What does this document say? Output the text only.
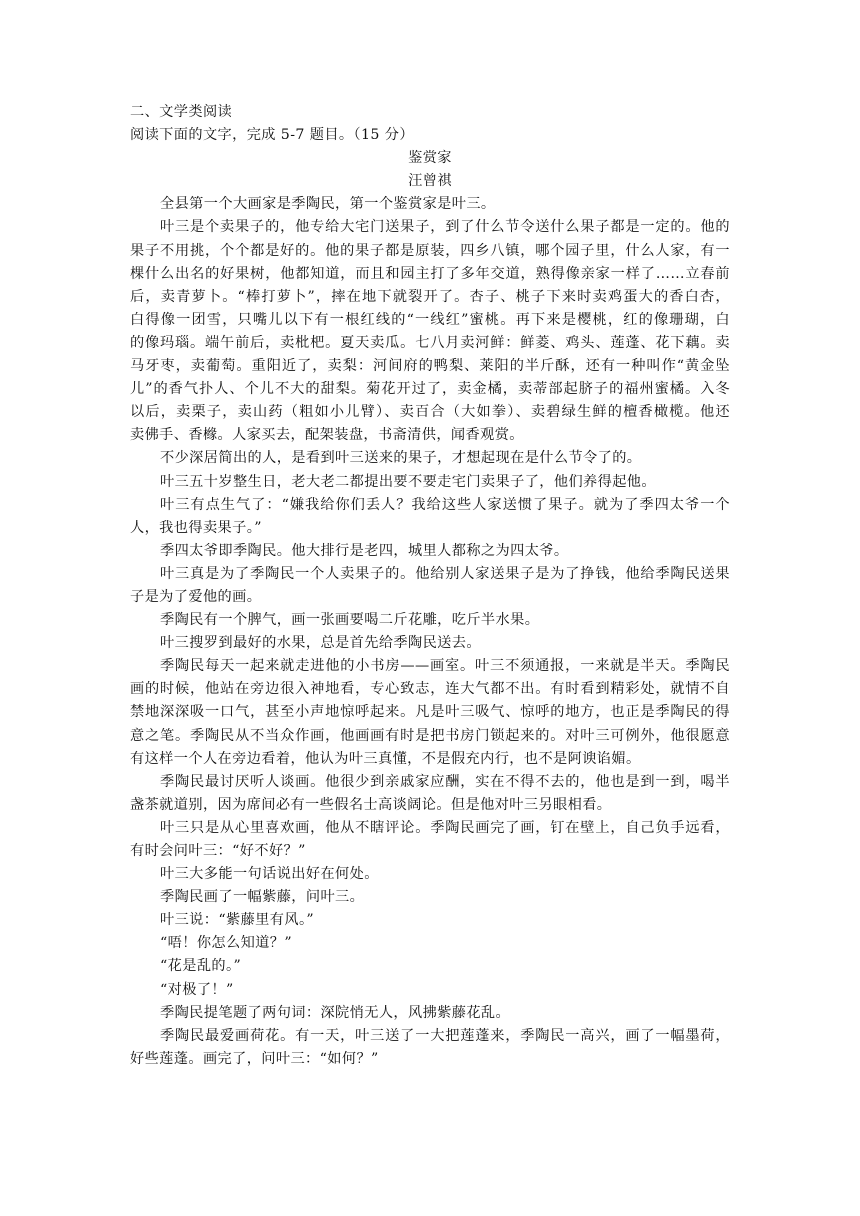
二、文学类阅读
阅读下面的文字，完成 5-7 题目。（15 分）
鉴赏家
汪曾祺
全县第一个大画家是季陶民，第一个鉴赏家是叶三。
叶三是个卖果子的，他专给大宅门送果子，到了什么节令送什么果子都是一定的。他的
果子不用挑，个个都是好的。他的果子都是原装，四乡八镇，哪个园子里，什么人家，有一
棵什么出名的好果树，他都知道，而且和园主打了多年交道，熟得像亲家一样了……立春前
后，卖青萝卜。“棒打萝卜”，摔在地下就裂开了。杏子、桃子下来时卖鸡蛋大的香白杏，
白得像一团雪，只嘴儿以下有一根红线的“一线红”蜜桃。再下来是樱桃，红的像珊瑚，白
的像玛瑙。端午前后，卖枇杷。夏天卖瓜。七八月卖河鲜：鲜菱、鸡头、莲蓬、花下藕。卖
马牙枣，卖葡萄。重阳近了，卖梨：河间府的鸭梨、莱阳的半斤酥，还有一种叫作“黄金坠
儿”的香气扑人、个儿不大的甜梨。菊花开过了，卖金橘，卖蒂部起脐子的福州蜜橘。入冬
以后，卖栗子，卖山药（粗如小儿臂）、卖百合（大如拳）、卖碧绿生鲜的檀香橄榄。他还
卖佛手、香橼。人家买去，配架装盘，书斋清供，闻香观赏。
不少深居简出的人，是看到叶三送来的果子，才想起现在是什么节令了的。
叶三五十岁整生日，老大老二都提出要不要走宅门卖果子了，他们养得起他。
叶三有点生气了：“嫌我给你们丢人？我给这些人家送惯了果子。就为了季四太爷一个
人，我也得卖果子。”
季四太爷即季陶民。他大排行是老四，城里人都称之为四太爷。
叶三真是为了季陶民一个人卖果子的。他给别人家送果子是为了挣钱，他给季陶民送果
子是为了爱他的画。
季陶民有一个脾气，画一张画要喝二斤花雕，吃斤半水果。
叶三搜罗到最好的水果，总是首先给季陶民送去。
季陶民每天一起来就走进他的小书房——画室。叶三不须通报，一来就是半天。季陶民
画的时候，他站在旁边很入神地看，专心致志，连大气都不出。有时看到精彩处，就情不自
禁地深深吸一口气，甚至小声地惊呼起来。凡是叶三吸气、惊呼的地方，也正是季陶民的得
意之笔。季陶民从不当众作画，他画画有时是把书房门锁起来的。对叶三可例外，他很愿意
有这样一个人在旁边看着，他认为叶三真懂，不是假充内行，也不是阿谀谄媚。
季陶民最讨厌听人谈画。他很少到亲戚家应酬，实在不得不去的，他也是到一到，喝半
盏茶就道别，因为席间必有一些假名士高谈阔论。但是他对叶三另眼相看。
叶三只是从心里喜欢画，他从不瞎评论。季陶民画完了画，钉在壁上，自己负手远看，
有时会问叶三：“好不好？”
叶三大多能一句话说出好在何处。
季陶民画了一幅紫藤，问叶三。
叶三说：“紫藤里有风。”
“唔！你怎么知道？”
“花是乱的。”
“对极了！”
季陶民提笔题了两句词：深院悄无人，风拂紫藤花乱。
季陶民最爱画荷花。有一天，叶三送了一大把莲蓬来，季陶民一高兴，画了一幅墨荷，
好些莲蓬。画完了，问叶三：“如何？”
